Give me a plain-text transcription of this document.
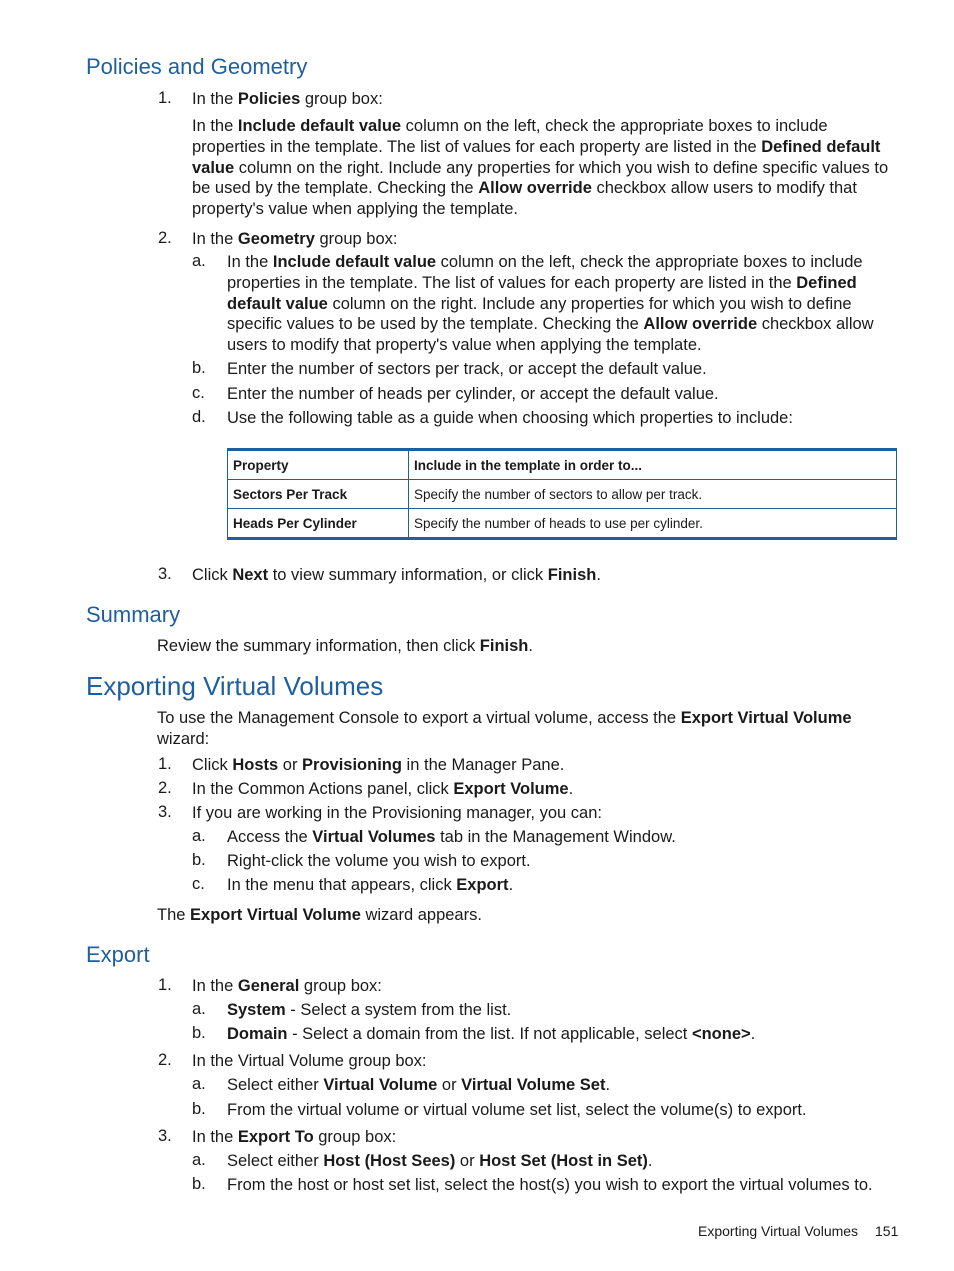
Policies and Geometry
1. In the Policies group box:
In the Include default value column on the left, check the appropriate boxes to include properties in the template. The list of values for each property are listed in the Defined default value column on the right. Include any properties for which you wish to define specific values to be used by the template. Checking the Allow override checkbox allow users to modify that property's value when applying the template.
2. In the Geometry group box:
a. In the Include default value column on the left, check the appropriate boxes to include properties in the template. The list of values for each property are listed in the Defined default value column on the right. Include any properties for which you wish to define specific values to be used by the template. Checking the Allow override checkbox allow users to modify that property's value when applying the template.
b. Enter the number of sectors per track, or accept the default value.
c. Enter the number of heads per cylinder, or accept the default value.
d. Use the following table as a guide when choosing which properties to include:
Property	Include in the template in order to...
Sectors Per Track	Specify the number of sectors to allow per track.
Heads Per Cylinder	Specify the number of heads to use per cylinder.
3. Click Next to view summary information, or click Finish.
Summary
Review the summary information, then click Finish.
Exporting Virtual Volumes
To use the Management Console to export a virtual volume, access the Export Virtual Volume wizard:
1. Click Hosts or Provisioning in the Manager Pane.
2. In the Common Actions panel, click Export Volume.
3. If you are working in the Provisioning manager, you can:
a. Access the Virtual Volumes tab in the Management Window.
b. Right-click the volume you wish to export.
c. In the menu that appears, click Export.
The Export Virtual Volume wizard appears.
Export
1. In the General group box:
a. System - Select a system from the list.
b. Domain - Select a domain from the list. If not applicable, select <none>.
2. In the Virtual Volume group box:
a. Select either Virtual Volume or Virtual Volume Set.
b. From the virtual volume or virtual volume set list, select the volume(s) to export.
3. In the Export To group box:
a. Select either Host (Host Sees) or Host Set (Host in Set).
b. From the host or host set list, select the host(s) you wish to export the virtual volumes to.
Exporting Virtual Volumes 151
